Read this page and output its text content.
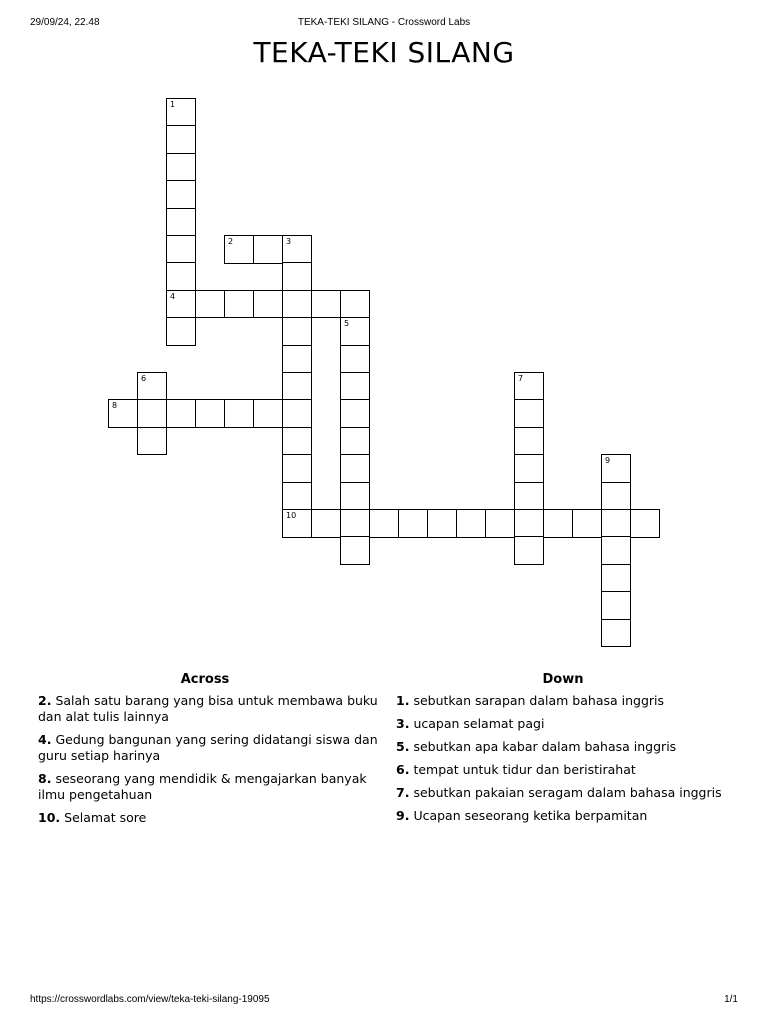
29/09/24, 22.48	TEKA-TEKI SILANG - Crossword Labs
TEKA-TEKI SILANG
1
4
2	3
10
5
6	7
8
9
Across
2. Salah satu barang yang bisa untuk membawa buku dan alat tulis lainnya
4. Gedung bangunan yang sering didatangi siswa dan guru setiap harinya
8. seseorang yang mendidik & mengajarkan banyak ilmu pengetahuan
10. Selamat sore
Down
1. sebutkan sarapan dalam bahasa inggris
3. ucapan selamat pagi
5. sebutkan apa kabar dalam bahasa inggris
6. tempat untuk tidur dan beristirahat
7. sebutkan pakaian seragam dalam bahasa inggris
9. Ucapan seseorang ketika berpamitan
https://crosswordlabs.com/view/teka-teki-silang-19095	1/1
